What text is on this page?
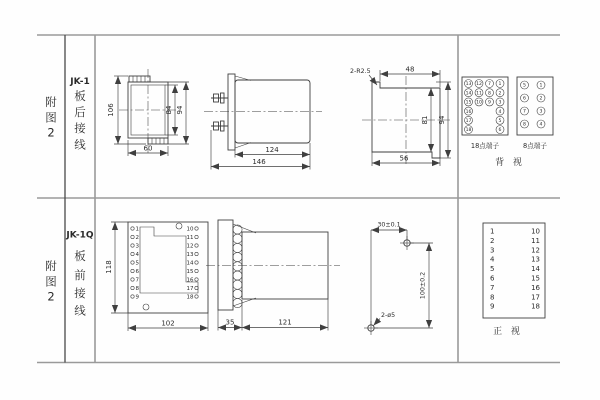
附
图
2
JK-1
板
后
接
线
106	84 94
60	124
146
2-R2.5	48
81 94
56
13 12 7 1
14 11 8 2
15 10 9 3
16	4
17	5
18	6
5	1
6	2
7	3
8	4
18点端子	8点端子
背 视
附
图
2
JK-1Q
板
前
接
线
1
2
3
4
5
6
7
8
9
10
11
12
13
14
15
16
17
18
118
102	35	121
30±0.1
100±0.2
2-ø5
1	10
2	11
3	12
4	13
5	14
6	15
7	16
8	17
9	18
正 视
